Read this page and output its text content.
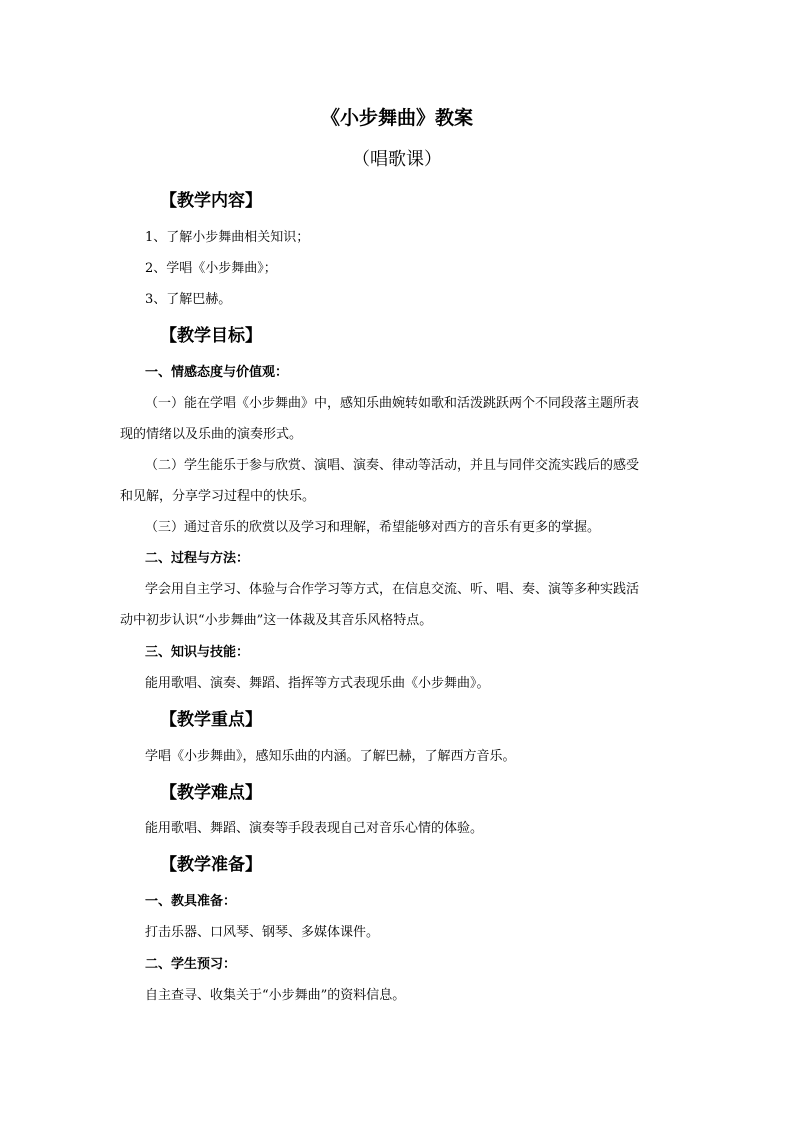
《小步舞曲》教案
（唱歌课）
【教学内容】
1、了解小步舞曲相关知识；
2、学唱《小步舞曲》；
3、了解巴赫。
【教学目标】
一、情感态度与价值观：
（一）能在学唱《小步舞曲》中，感知乐曲婉转如歌和活泼跳跃两个不同段落主题所表
现的情绪以及乐曲的演奏形式。
（二）学生能乐于参与欣赏、演唱、演奏、律动等活动，并且与同伴交流实践后的感受
和见解，分享学习过程中的快乐。
（三）通过音乐的欣赏以及学习和理解，希望能够对西方的音乐有更多的掌握。
二、过程与方法：
学会用自主学习、体验与合作学习等方式，在信息交流、听、唱、奏、演等多种实践活
动中初步认识“小步舞曲”这一体裁及其音乐风格特点。
三、知识与技能：
能用歌唱、演奏、舞蹈、指挥等方式表现乐曲《小步舞曲》。
【教学重点】
学唱《小步舞曲》，感知乐曲的内涵。了解巴赫，了解西方音乐。
【教学难点】
能用歌唱、舞蹈、演奏等手段表现自己对音乐心情的体验。
【教学准备】
一、教具准备：
打击乐器、口风琴、钢琴、多媒体课件。
二、学生预习：
自主查寻、收集关于“小步舞曲”的资料信息。
